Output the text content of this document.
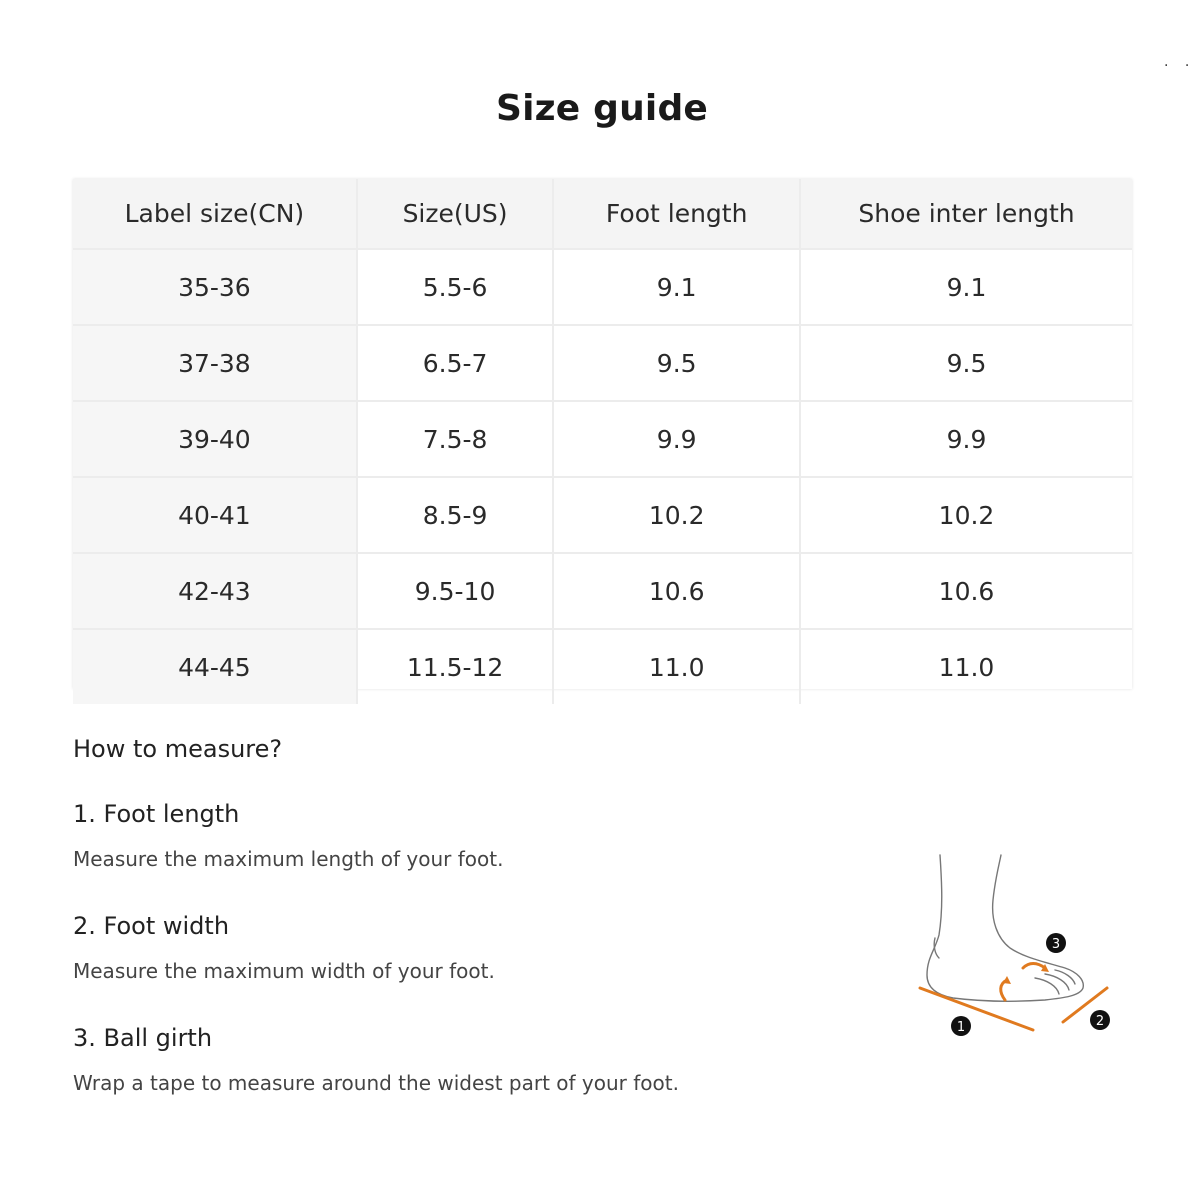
· ·
Size guide
Label size(CN)	Size(US)	Foot length	Shoe inter length
35-36	5.5-6	9.1	9.1
37-38	6.5-7	9.5	9.5
39-40	7.5-8	9.9	9.9
40-41	8.5-9	10.2	10.2
42-43	9.5-10	10.6	10.6
44-45	11.5-12	11.0	11.0
How to measure?
1. Foot length
Measure the maximum length of your foot.
2. Foot width
Measure the maximum width of your foot.
3. Ball girth
Wrap a tape to measure around the widest part of your foot.
1	2
3
